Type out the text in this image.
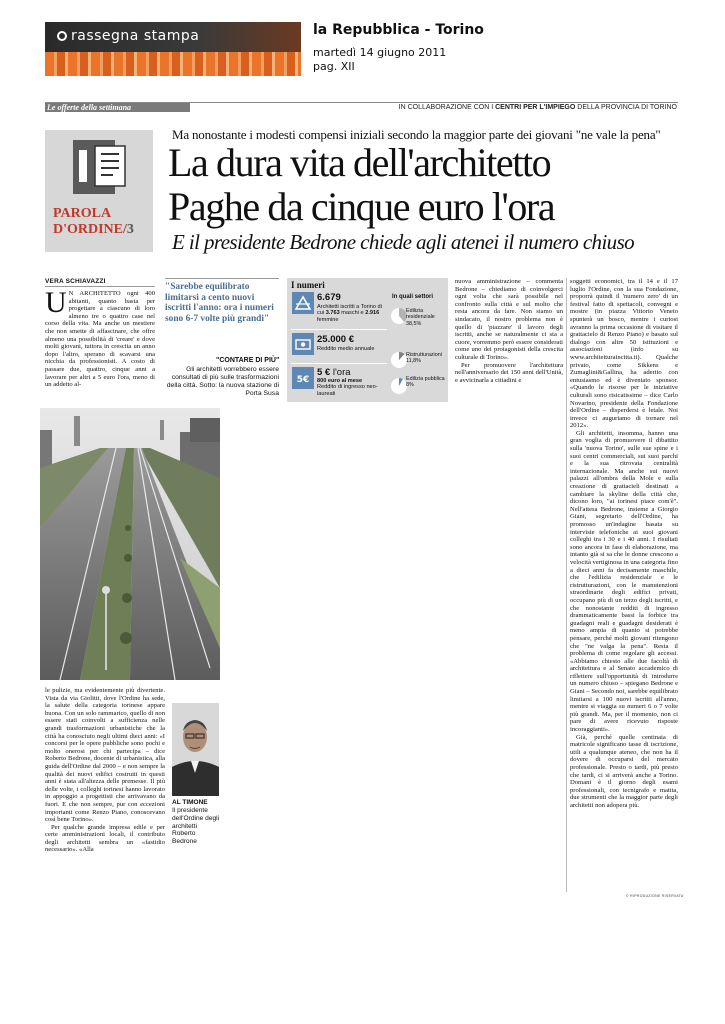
rassegna stampa	la Repubblica - Torino
martedì 14 giugno 2011
pag. XII
Le offerte della settimana	IN COLLABORAZIONE CON I CENTRI PER L'IMPIEGO DELLA PROVINCIA DI TORINO
PAROLA
D'ORDINE/3
Ma nonostante i modesti compensi iniziali secondo la maggior parte dei giovani "ne vale la pena"
La dura vita dell'architetto
Paghe da cinque euro l'ora
E il presidente Bedrone chiede agli atenei il numero chiuso
VERA SCHIAVAZZI
U N ARCHITETTO ogni 400 abitanti, quanto basta per progettare a ciascuno di loro almeno tre o quattro case nel corso della vita. Ma anche un mestiere che non smette di affascinare, che offre almeno una possibilità di 'creare' e dove molti giovani, tuttora in crescita un anno dopo l'altro, sperano di scavarsi una nicchia da professionisti. A costo di passare due, quattro, cinque anni a lavorare per altri a 5 euro l'ora, meno di un addetto al-
"Sarebbe equilibrato limitarsi a cento nuovi iscritti l'anno: ora i numeri sono 6-7 volte più grandi"
"CONTARE DI PIÙ"
Gli architetti vorrebbero essere consultati di più sulle trasformazioni della città. Sotto: la nuova stazione di Porta Susa
I numeri
6.679
Architetti iscritti a Torino di cui 3.763 maschi e 2.916 femmine
25.000 €
Reddito medio annuale
5€
5 € l'ora
800 euro al mese
Reddito di ingresso neo-laureati
In quali settori
Edilizia residenziale
38,5%
Ristrutturazioni
11,8%
Edilizia pubblica
8%

nuova amministrazione – commenta Bedrone – chiediamo di coinvolgerci ogni volta che sarà possibile nel confronto sulla città e sul molto che resta ancora da fare. Non siamo un sindacato, il nostro problema non è quello di 'piazzare' il lavoro degli iscritti, anche se naturalmente ci sta a cuore, vorremmo però essere considerati come uno dei protagonisti della crescita culturale di Torino».

Per promuovere l'architettura nell'anniversario dei 150 anni dell'Unità, e avvicinarla a cittadini e

soggetti economici, tra il 14 e il 17 luglio l'Ordine, con la sua Fondazione, proporrà quindi il 'numero zero' di un festival fatto di spettacoli, convegni e mostre (in piazza Vittorio Veneto spunterà un bosco, mentre i curiosi avranno la prima occasione di visitare il grattacielo di Renzo Piano) e basato sul dialogo con altre 50 istituzioni e associazioni (info su www.architetturaincitta.it). Qualche privato, come Sikkens e Zumaglini&Gallina, ha aderito con entusiasmo ed è diventato sponsor. «Quando le risorse per le iniziative culturali sono risicatissime – dice Carlo Novarino, presidente della Fondazione dell'Ordine – disperdersi è letale. Noi invece ci auguriamo di tornare nel 2012».

Gli architetti, insomma, hanno una gran voglia di promuovere il dibattito sulla 'nuova Torino', sulle sue spine e i suoi centri commerciali, sui suoi parchi e la sua ritrovata centralità internazionale. Ma anche sui nuovi palazzi all'ombra della Mole e sulla creazione di grattacieli destinati a cambiare la skyline della città che, dicono loro, "ai torinesi piace com'è". Nell'attesa Bedrone, insieme a Giorgio Giani, segretario dell'Ordine, ha promosso un'indagine basata su interviste telefoniche ai suoi giovani colleghi tra i 30 e i 40 anni. I risultati sono ancora in fase di elaborazione, ma intanto già si sa che le donne crescono a velocità vertiginosa in una categoria fino a dieci anni fa decisamente maschile, che l'edilizia residenziale e le ristrutturazioni, con le manutenzioni straordinarie degli edifici privati, occupano più di un terzo degli iscritti, e che nonostante redditi di ingresso drammaticamente bassi la forbice tra guadagni reali e guadagni desiderati è meno ampia di quanto si potrebbe pensare, perché molti giovani ritengono che "ne valga la pena". Resta il problema di come regolare gli accessi. «Abbiamo chiesto alle due facoltà di architettura e al Senato accademico di riflettere sull'opportunità di introdurre un numero chiuso – spiegano Bedrone e Giani – Secondo noi, sarebbe equilibrato limitarsi a 100 nuovi iscritti all'anno, mentre si viaggia su numeri 6 o 7 volte più grandi. Ma, per il momento, non ci pare di avere ricevuto risposte incoraggianti».

Già, perché quelle centinaia di matricole significano tasse di iscrizione, utili a qualunque ateneo, che non ha il dovere di occuparsi del mercato professionale. Presto o tardi, più presto che tardi, ci si arriverà anche a Torino. Domani è il giorno degli esami professionali, con tecnigrafo e matita, due strumenti che la maggior parte degli architetti non adopera più.

© RIPRODUZIONE RISERVATA

le pulizie, ma evidentemente più divertente. Vista da via Giolitti, dove l'Ordine ha sede, la salute della categoria torinese appare buona. Con un solo rammarico, quello di non essere stati coinvolti a sufficienza nelle grandi trasformazioni urbanistiche che la città ha conosciuto negli ultimi dieci anni: «I concorsi per le opere pubbliche sono pochi e molto onerosi per chi partecipa – dice Roberto Bedrone, docente di urbanistica, alla guida dell'Ordine dal 2000 – e non sempre la qualità dei nuovi edifici costruiti in questi anni è stata all'altezza delle premesse. Il più delle volte, i colleghi torinesi hanno lavorato in appoggio a progettisti che arrivavano da fuori. E che non sempre, pur con eccezioni importanti come Renzo Piano, conoscevano così bene Torino».

Per qualche grande impresa edile e per certe amministrazioni locali, il contributo degli architetti sembra un «fastidio necessario». «Alla

AL TIMONE
Il presidente dell'Ordine degli architetti Roberto Bedrone
